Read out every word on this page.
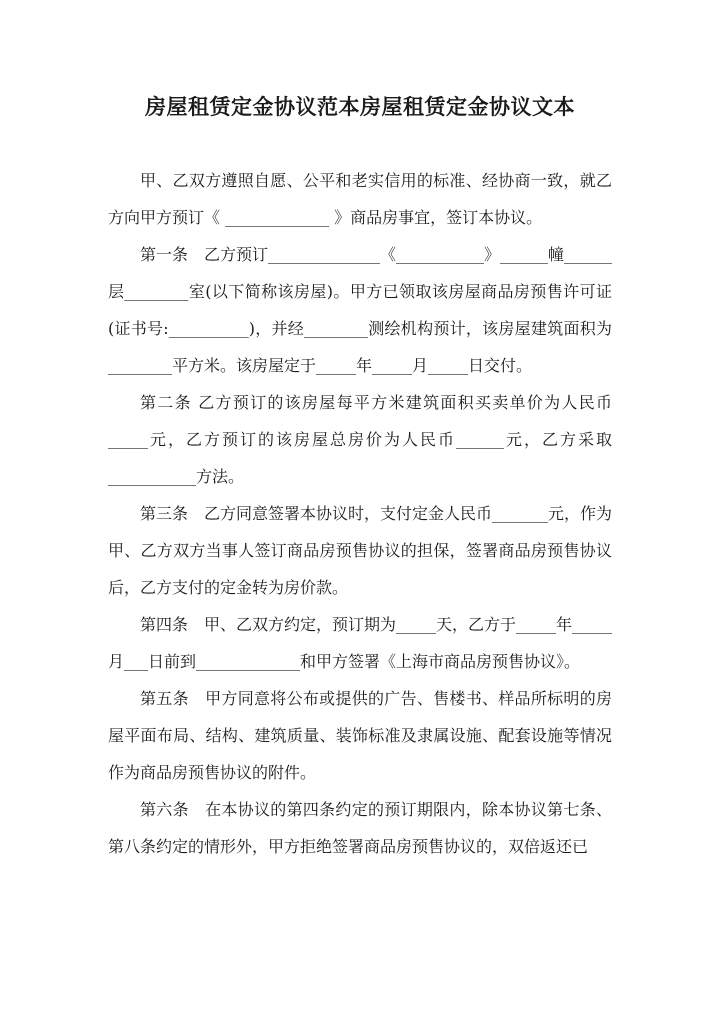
房屋租赁定金协议范本房屋租赁定金协议文本

甲、乙双方遵照自愿、公平和老实信用的标准、经协商一致，就乙方向甲方预订《 _____________ 》商品房事宜，签订本协议。

第一条　乙方预订______________《___________》______幢______层________室(以下简称该房屋)。甲方已领取该房屋商品房预售许可证(证书号:__________)，并经________测绘机构预计，该房屋建筑面积为 ________平方米。该房屋定于_____年_____月_____日交付。

第二条 乙方预订的该房屋每平方米建筑面积买卖单价为人民币_____元，乙方预订的该房屋总房价为人民币______元，乙方采取___________方法。

第三条　乙方同意签署本协议时，支付定金人民币_______元，作为甲、乙方双方当事人签订商品房预售协议的担保，签署商品房预售协议后，乙方支付的定金转为房价款。

第四条　甲、乙双方约定，预订期为_____天，乙方于_____年_____月___日前到_____________和甲方签署《上海市商品房预售协议》。

第五条　甲方同意将公布或提供的广告、售楼书、样品所标明的房屋平面布局、结构、建筑质量、装饰标准及隶属设施、配套设施等情况作为商品房预售协议的附件。

第六条　在本协议的第四条约定的预订期限内，除本协议第七条、第八条约定的情形外，甲方拒绝签署商品房预售协议的，双倍返还已
